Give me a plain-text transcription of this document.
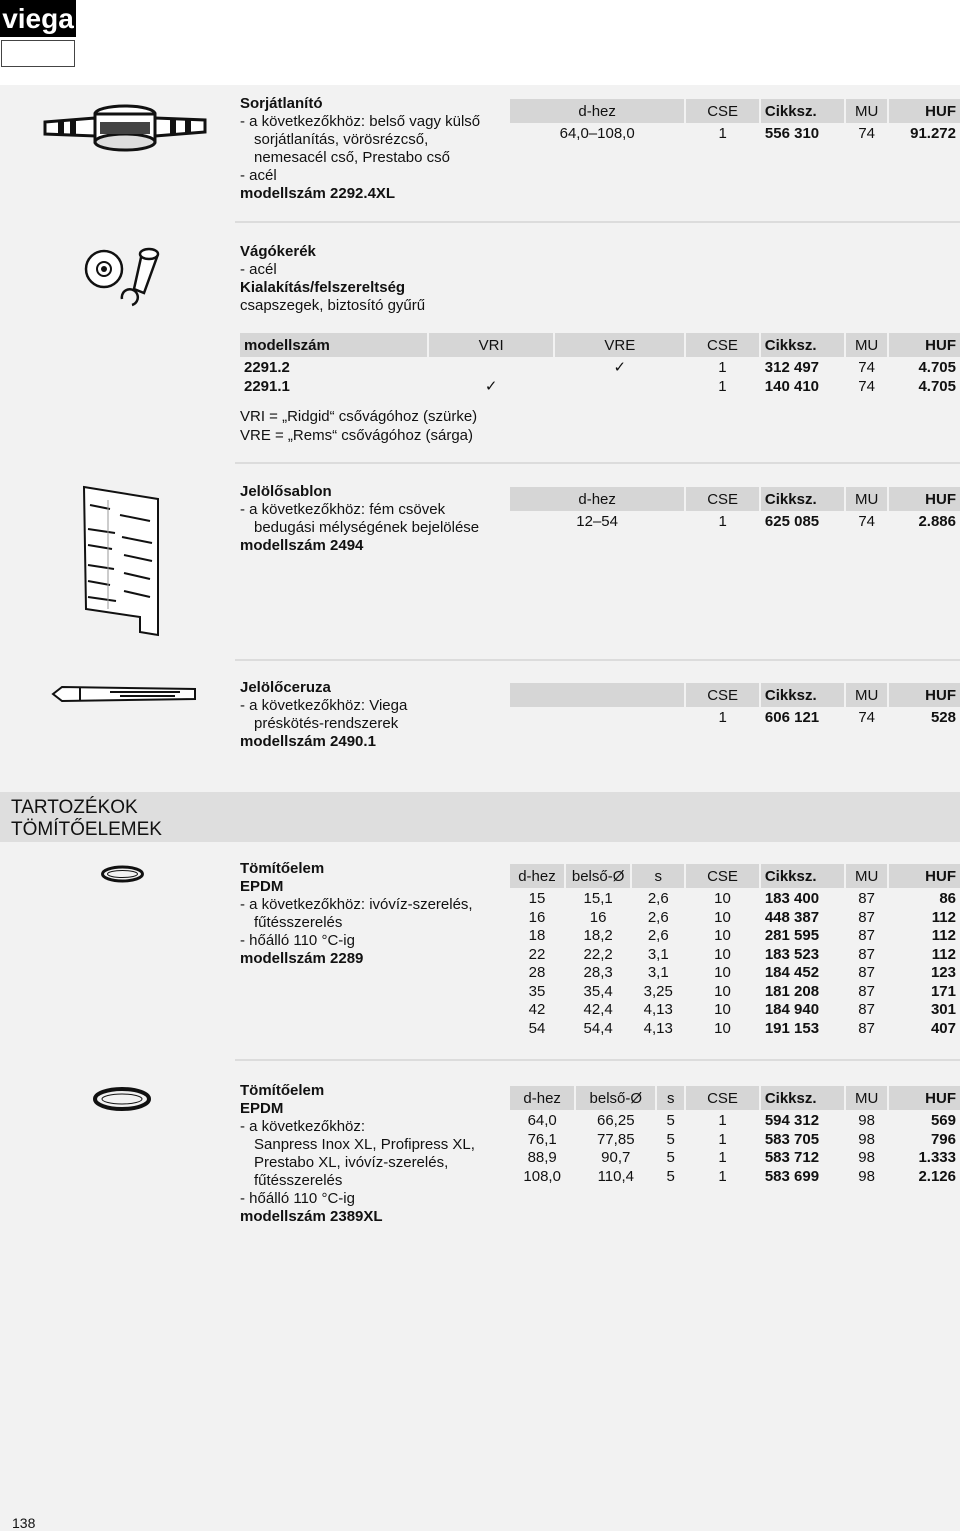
viega
Sorjátlanító
- a következőkhöz: belső vagy külső
sorjátlanítás, vörösrézcső,
nemesacél cső, Prestabo cső
- acél
modellszám 2292.4XL
d-hez	CSE	Cikksz.	MU	HUF
64,0–108,0	1	556 310	74	91.272
Vágókerék
- acél
Kialakítás/felszereltség
csapszegek, biztosító gyűrű
modellszám	VRI	VRE	CSE	Cikksz.	MU	HUF
2291.2		✓	1	312 497	74	4.705
2291.1	✓		1	140 410	74	4.705
VRI = „Ridgid“ csővágóhoz (szürke)
VRE = „Rems“ csővágóhoz (sárga)
Jelölősablon
- a következőkhöz: fém csövek
bedugási mélységének bejelölése
modellszám 2494
d-hez	CSE	Cikksz.	MU	HUF
12–54	1	625 085	74	2.886
Jelölőceruza
- a következőkhöz: Viega
préskötés-rendszerek
modellszám 2490.1
	CSE	Cikksz.	MU	HUF
	1	606 121	74	528
TARTOZÉKOK
TÖMÍTŐELEMEK
Tömítőelem
EPDM
- a következőkhöz: ivóvíz-szerelés,
fűtésszerelés
- hőálló 110 °C-ig
modellszám 2289
d-hez	belső-Ø	s	CSE	Cikksz.	MU	HUF
15	15,1	2,6	10	183 400	87	86
16	16	2,6	10	448 387	87	112
18	18,2	2,6	10	281 595	87	112
22	22,2	3,1	10	183 523	87	112
28	28,3	3,1	10	184 452	87	123
35	35,4	3,25	10	181 208	87	171
42	42,4	4,13	10	184 940	87	301
54	54,4	4,13	10	191 153	87	407
Tömítőelem
EPDM
- a következőkhöz:
Sanpress Inox XL, Profipress XL,
Prestabo XL, ivóvíz-szerelés,
fűtésszerelés
- hőálló 110 °C-ig
modellszám 2389XL
d-hez	belső-Ø	s	CSE	Cikksz.	MU	HUF
64,0	66,25	5	1	594 312	98	569
76,1	77,85	5	1	583 705	98	796
88,9	90,7	5	1	583 712	98	1.333
108,0	110,4	5	1	583 699	98	2.126
138
